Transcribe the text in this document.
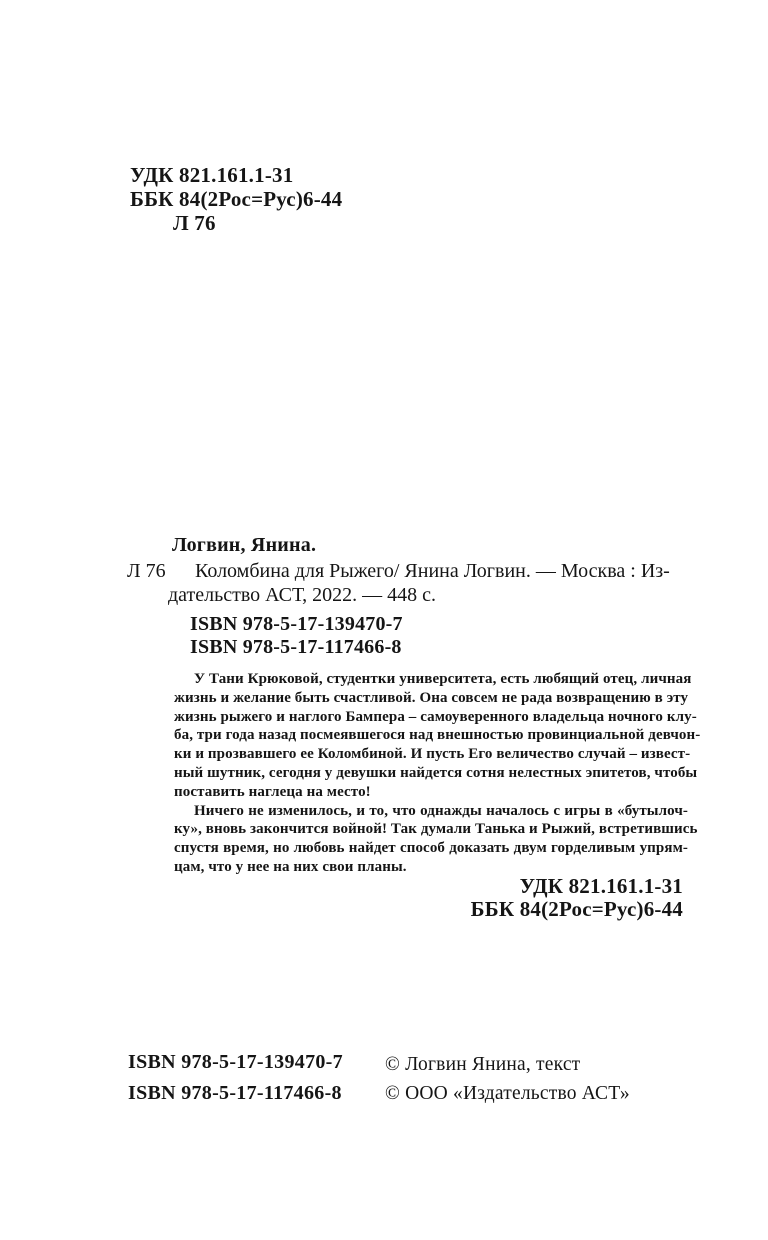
УДК 821.161.1-31
ББК 84(2Рос=Рус)6-44
Л 76
Логвин, Янина.
Л 76 Коломбина для Рыжего/ Янина Логвин. — Москва : Из-
дательство АСТ, 2022. — 448 с.
ISBN 978-5-17-139470-7
ISBN 978-5-17-117466-8
У Тани Крюковой, студентки университета, есть любящий отец, личная
жизнь и желание быть счастливой. Она совсем не рада возвращению в эту
жизнь рыжего и наглого Бампера – самоуверенного владельца ночного клу-
ба, три года назад посмеявшегося над внешностью провинциальной девчон-
ки и прозвавшего ее Коломбиной. И пусть Его величество случай – извест-
ный шутник, сегодня у девушки найдется сотня нелестных эпитетов, чтобы
поставить наглеца на место!
Ничего не изменилось, и то, что однажды началось с игры в «бутылоч-
ку», вновь закончится войной! Так думали Танька и Рыжий, встретившись
спустя время, но любовь найдет способ доказать двум горделивым упрям-
цам, что у нее на них свои планы.
УДК 821.161.1-31
ББК 84(2Рос=Рус)6-44
ISBN 978-5-17-139470-7
ISBN 978-5-17-117466-8
© Логвин Янина, текст
© ООО «Издательство АСТ»
